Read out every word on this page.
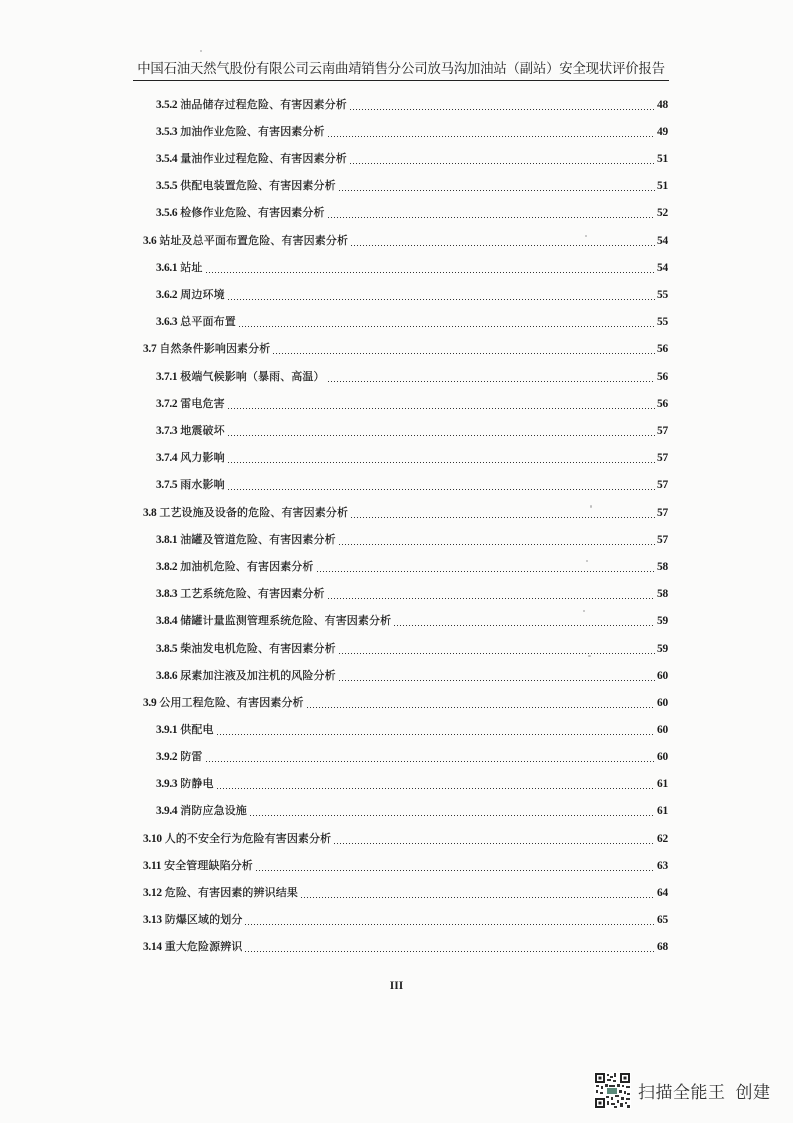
中国石油天然气股份有限公司云南曲靖销售分公司放马沟加油站（副站）安全现状评价报告
3.5.2 油品储存过程危险、有害因素分析	48
3.5.3 加油作业危险、有害因素分析	49
3.5.4 量油作业过程危险、有害因素分析	51
3.5.5 供配电装置危险、有害因素分析	51
3.5.6 检修作业危险、有害因素分析	52
3.6 站址及总平面布置危险、有害因素分析	54
3.6.1 站址	54
3.6.2 周边环境	55
3.6.3 总平面布置	55
3.7 自然条件影响因素分析	56
3.7.1 极端气候影响（暴雨、高温）	56
3.7.2 雷电危害	56
3.7.3 地震破坏	57
3.7.4 风力影响	57
3.7.5 雨水影响	57
3.8 工艺设施及设备的危险、有害因素分析	57
3.8.1 油罐及管道危险、有害因素分析	57
3.8.2 加油机危险、有害因素分析	58
3.8.3 工艺系统危险、有害因素分析	58
3.8.4 储罐计量监测管理系统危险、有害因素分析	59
3.8.5 柴油发电机危险、有害因素分析	59
3.8.6 尿素加注液及加注机的风险分析	60
3.9 公用工程危险、有害因素分析	60
3.9.1 供配电	60
3.9.2 防雷	60
3.9.3 防静电	61
3.9.4 消防应急设施	61
3.10 人的不安全行为危险有害因素分析	62
3.11 安全管理缺陷分析	63
3.12 危险、有害因素的辨识结果	64
3.13 防爆区域的划分	65
3.14 重大危险源辨识	68
III
扫描全能王 创建
